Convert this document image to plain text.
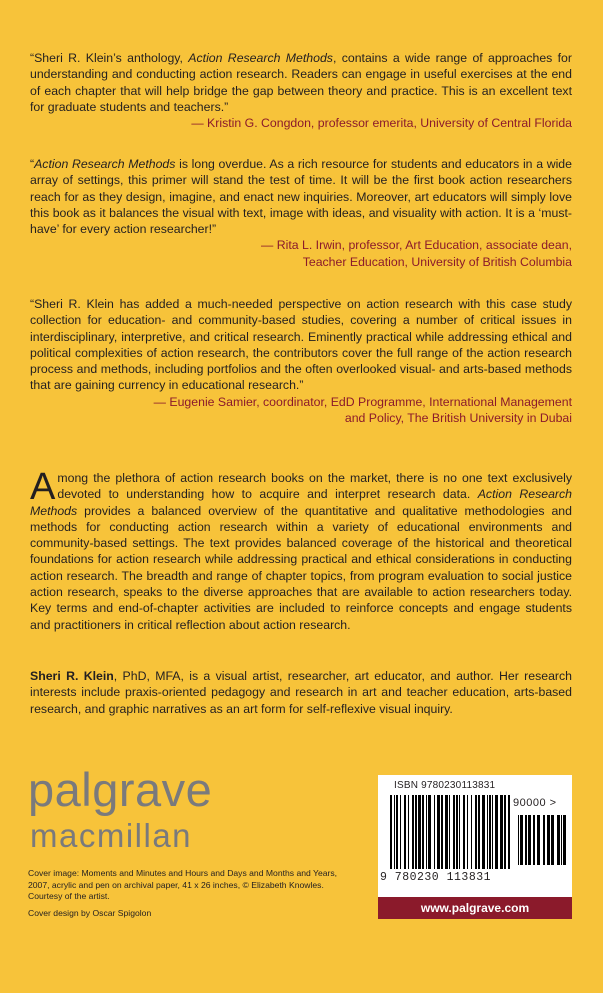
“Sheri R. Klein’s anthology, Action Research Methods, contains a wide range of approaches for understanding and conducting action research. Readers can engage in useful exercises at the end of each chapter that will help bridge the gap between theory and practice. This is an excellent text for graduate students and teachers.”

— Kristin G. Congdon, professor emerita, University of Central Florida

“Action Research Methods is long overdue. As a rich resource for students and educators in a wide array of settings, this primer will stand the test of time. It will be the first book action researchers reach for as they design, imagine, and enact new inquiries. Moreover, art educators will simply love this book as it balances the visual with text, image with ideas, and visuality with action. It is a ‘must-have’ for every action researcher!”

— Rita L. Irwin, professor, Art Education, associate dean,

Teacher Education, University of British Columbia

“Sheri R. Klein has added a much-needed perspective on action research with this case study collection for education- and community-based studies, covering a number of critical issues in interdisciplinary, interpretive, and critical research. Eminently practical while addressing ethical and political complexities of action research, the contributors cover the full range of the action research process and methods, including portfolios and the often overlooked visual- and arts-based methods that are gaining currency in educational research.”

— Eugenie Samier, coordinator, EdD Programme, International Management

and Policy, The British University in Dubai

Among the plethora of action research books on the market, there is no one text exclusively devoted to understanding how to acquire and interpret research data. Action Research Methods provides a balanced overview of the quantitative and qualitative methodologies and methods for conducting action research within a variety of educational environments and community-based settings. The text provides balanced coverage of the historical and theoretical foundations for action research while addressing practical and ethical considerations in conducting action research. The breadth and range of chapter topics, from program evaluation to social justice action research, speaks to the diverse approaches that are available to action researchers today. Key terms and end-of-chapter activities are included to reinforce concepts and engage students and practitioners in critical reflection about action research.

Sheri R. Klein, PhD, MFA, is a visual artist, researcher, art educator, and author. Her research interests include praxis-oriented pedagogy and research in art and teacher education, arts-based research, and graphic narratives as an art form for self-reflexive visual inquiry.

palgrave
macmillan

Cover image: Moments and Minutes and Hours and Days and Months and Years, 2007, acrylic and pen on archival paper, 41 x 26 inches, © Elizabeth Knowles. Courtesy of the artist.

Cover design by Oscar Spigolon

ISBN 9780230113831
90000 >
9 780230 113831
www.palgrave.com
